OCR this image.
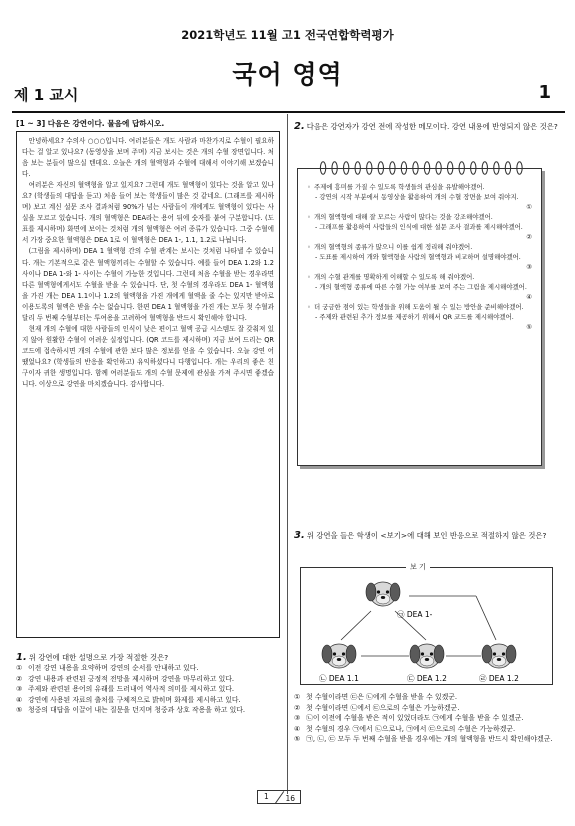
2021학년도 11월 고1 전국연합학력평가
국어 영역
제 1 교시	1
[1 ~ 3] 다음은 강연이다. 물음에 답하시오.

안녕하세요? 수의사 ○○○입니다. 여러분들은 개도 사람과 마찬가지로 수혈이 필요하다는 걸 알고 있나요? (동영상을 보며 주며) 지금 보시는 것은 개의 수혈 장면입니다. 처음 보는 분들이 많으실 텐데요. 오늘은 개의 혈액형과 수혈에 대해서 이야기해 보겠습니다.

여러분은 자신의 혈액형을 알고 있지요? 그런데 개도 혈액형이 있다는 것을 알고 있나요? (학생들의 대답을 듣고) 처음 들어 보는 학생들이 많은 것 같네요. (그래프를 제시하며) 보고 계신 설문 조사 결과처럼 90%가 넘는 사람들이 개에게도 혈액형이 있다는 사실을 모르고 있습니다. 개의 혈액형은 DEA라는 용어 뒤에 숫자를 붙여 구분합니다. (도표를 제시하며) 화면에 보이는 것처럼 개의 혈액형은 여러 종류가 있습니다. 그중 수혈에서 가장 중요한 혈액형은 DEA 1로 이 혈액형은 DEA 1-, 1.1, 1.2로 나뉩니다.

(그림을 제시하며) DEA 1 혈액형 간의 수혈 관계는 보시는 것처럼 나타낼 수 있습니다. 개는 기본적으로 같은 혈액형끼리는 수혈할 수 있습니다. 예를 들어 DEA 1.2와 1.2 사이나 DEA 1-와 1- 사이는 수혈이 가능한 것입니다. 그런데 처음 수혈을 받는 경우라면 다른 혈액형에게서도 수혈을 받을 수 있습니다. 단, 첫 수혈의 경우라도 DEA 1- 혈액형을 가진 개는 DEA 1.1이나 1.2의 혈액형을 가진 개에게 혈액을 줄 수는 있지만 받아로 이용도록의 혈액은 받을 수는 없습니다. 한편 DEA 1 혈액형을 가진 개는 모두 첫 수혈과 달리 두 번째 수혈부터는 투여용을 고려하여 혈액형을 반드시 확인해야 합니다.

현재 개의 수혈에 대한 사람들의 인식이 낮은 편이고 혈액 공급 시스템도 잘 갖춰져 있지 않아 원활한 수혈이 어려운 실정입니다. (QR 코드를 제시하며) 지금 보여 드리는 QR 코드에 접속하시면 개의 수혈에 관한 보다 많은 정보를 얻을 수 있습니다. 오늘 강연 어땠었나요? (학생들의 반응을 확인하고) 유익하셨다니 다행입니다. 개는 우리의 좋은 친구이자 귀한 생명입니다. 함께 여러분들도 개의 수혈 문제에 관심을 가져 주시면 좋겠습니다. 이상으로 강연을 마치겠습니다. 감사합니다.

1. 위 강연에 대한 설명으로 가장 적절한 것은?
① 이전 강연 내용을 요약하며 강연의 순서를 안내하고 있다.
② 강연 내용과 관련된 긍정적 전망을 제시하며 강연을 마무리하고 있다.
③ 주제와 관련된 용어의 유래를 드러내어 역사적 의미를 제시하고 있다.
④ 강연에 사용된 자료의 출처를 구체적으로 밝히며 화제를 제시하고 있다.
⑤ 청중의 대답을 이끌어 내는 질문을 던지며 청중과 상호 작용을 하고 있다.
2. 다음은 강연자가 강연 전에 작성한 메모이다. 강연 내용에 반영되지 않은 것은?
◦ 주제에 흥미를 가질 수 있도록 학생들의 관심을 유발해야겠어.
- 강연의 시작 부분에서 동영상을 활용하여 개의 수혈 장면을 보여 줘야지.
①
◦ 개의 혈액형에 대해 잘 모르는 사람이 많다는 것을 강조해야겠어.
- 그래프를 활용하여 사람들의 인식에 대한 설문 조사 결과를 제시해야겠어.
②
◦ 개의 혈액형의 종류가 많으니 이를 쉽게 정리해 줘야겠어.
- 도표를 제시하여 개와 혈액형을 사람의 혈액형과 비교하며 설명해야겠어.
③
◦ 개의 수혈 관계를 명확하게 이해할 수 있도록 해 줘야겠어.
- 개의 혈액형 종류에 따른 수혈 가능 여부를 보여 주는 그림을 제시해야겠어.
④
◦ 더 궁금한 점이 있는 학생들을 위해 도움이 될 수 있는 방안을 준비해야겠어.
- 주제와 관련된 추가 정보를 제공하기 위해서 QR 코드를 제시해야겠어.
⑤
3. 위 강연을 들은 학생이 <보기>에 대해 보인 반응으로 적절하지 않은 것은?
보 기
㉠ DEA 1-
㉡ DEA 1.1	㉢ DEA 1.2	㉣ DEA 1.2
① 첫 수혈이라면 ㉢은 ㉡에게 수혈을 받을 수 있겠군.
② 첫 수혈이라면 ㉡에서 ㉢으로의 수혈은 가능하겠군.
③ ㉡이 이전에 수혈을 받은 적이 있었더라도 ㉠에게 수혈을 받을 수 있겠군.
④ 첫 수혈의 경우 ㉠에서 ㉡으로나, ㉠에서 ㉢으로의 수혈은 가능하겠군.
⑤ ㉠, ㉡, ㉢ 모두 두 번째 수혈을 받을 경우에는 개의 혈액형을 반드시 확인해야겠군.
1 16
